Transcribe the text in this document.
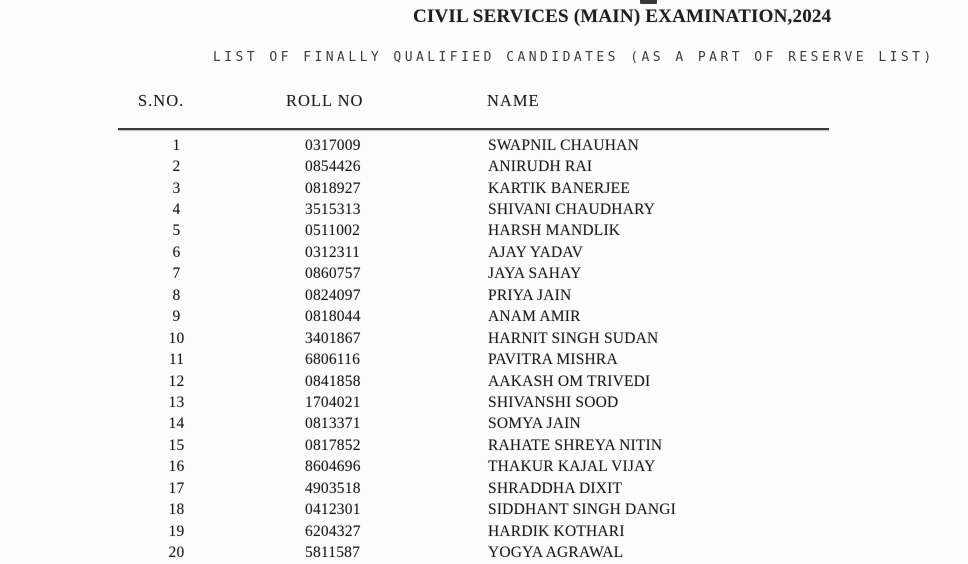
CIVIL SERVICES (MAIN) EXAMINATION,2024
LIST OF FINALLY QUALIFIED CANDIDATES (AS A PART OF RESERVE LIST)
S.NO.	ROLL NO	NAME
1	0317009	SWAPNIL CHAUHAN
2	0854426	ANIRUDH RAI
3	0818927	KARTIK BANERJEE
4	3515313	SHIVANI CHAUDHARY
5	0511002	HARSH MANDLIK
6	0312311	AJAY YADAV
7	0860757	JAYA SAHAY
8	0824097	PRIYA JAIN
9	0818044	ANAM AMIR
10	3401867	HARNIT SINGH SUDAN
11	6806116	PAVITRA MISHRA
12	0841858	AAKASH OM TRIVEDI
13	1704021	SHIVANSHI SOOD
14	0813371	SOMYA JAIN
15	0817852	RAHATE SHREYA NITIN
16	8604696	THAKUR KAJAL VIJAY
17	4903518	SHRADDHA DIXIT
18	0412301	SIDDHANT SINGH DANGI
19	6204327	HARDIK KOTHARI
20	5811587	YOGYA AGRAWAL
